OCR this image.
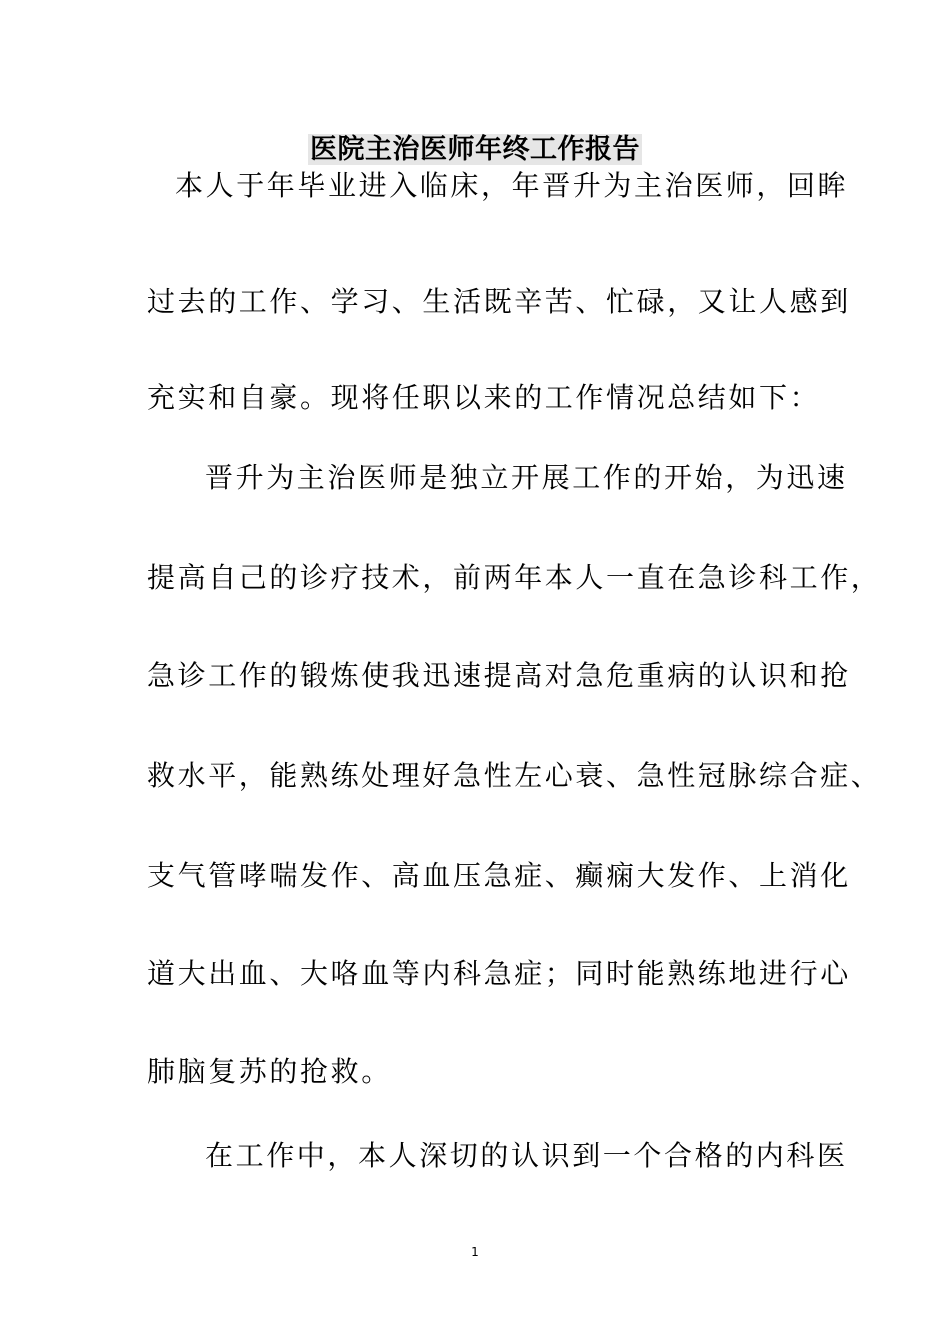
医院主治医师年终工作报告
本人于年毕业进入临床，年晋升为主治医师，回眸
过去的工作、学习、生活既辛苦、忙碌，又让人感到
充实和自豪。现将任职以来的工作情况总结如下：
晋升为主治医师是独立开展工作的开始，为迅速
提高自己的诊疗技术，前两年本人一直在急诊科工作，
急诊工作的锻炼使我迅速提高对急危重病的认识和抢
救水平，能熟练处理好急性左心衰、急性冠脉综合症、
支气管哮喘发作、高血压急症、癫痫大发作、上消化
道大出血、大咯血等内科急症；同时能熟练地进行心
肺脑复苏的抢救。
在工作中，本人深切的认识到一个合格的内科医
1
